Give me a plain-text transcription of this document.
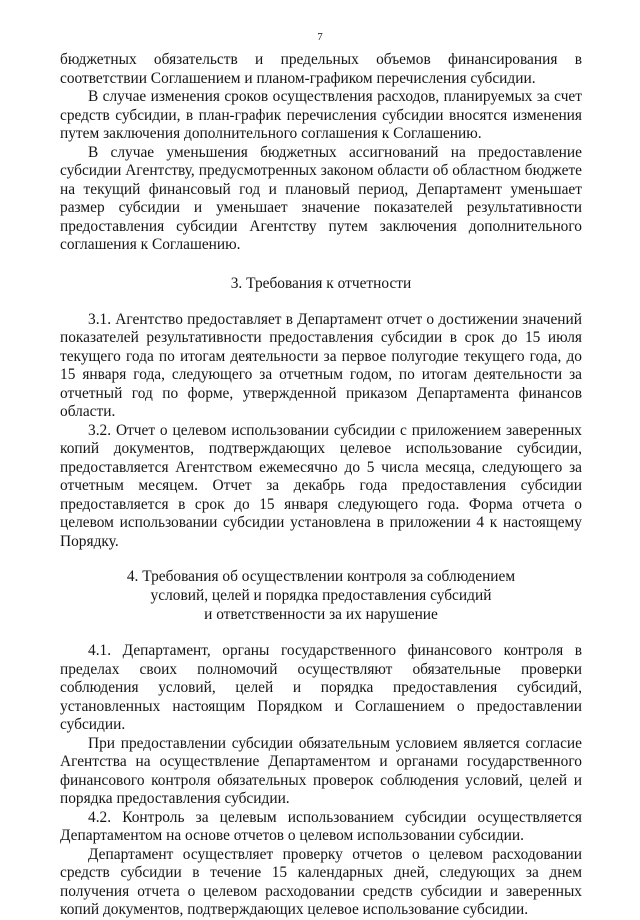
7

бюджетных обязательств и предельных объемов финансирования в соответствии Соглашением и планом-графиком перечисления субсидии.

В случае изменения сроков осуществления расходов, планируемых за счет средств субсидии, в план-график перечисления субсидии вносятся изменения путем заключения дополнительного соглашения к Соглашению.

В случае уменьшения бюджетных ассигнований на предоставление субсидии Агентству, предусмотренных законом области об областном бюджете на текущий финансовый год и плановый период, Департамент уменьшает размер субсидии и уменьшает значение показателей результативности предоставления субсидии Агентству путем заключения дополнительного соглашения к Соглашению.

3. Требования к отчетности

3.1. Агентство предоставляет в Департамент отчет о достижении значений показателей результативности предоставления субсидии в срок до 15 июля текущего года по итогам деятельности за первое полугодие текущего года, до 15 января года, следующего за отчетным годом, по итогам деятельности за отчетный год по форме, утвержденной приказом Департамента финансов области.

3.2. Отчет о целевом использовании субсидии с приложением заверенных копий документов, подтверждающих целевое использование субсидии, предоставляется Агентством ежемесячно до 5 числа месяца, следующего за отчетным месяцем. Отчет за декабрь года предоставления субсидии предоставляется в срок до 15 января следующего года. Форма отчета о целевом использовании субсидии установлена в приложении 4 к настоящему Порядку.

4. Требования об осуществлении контроля за соблюдением
условий, целей и порядка предоставления субсидий
и ответственности за их нарушение

4.1. Департамент, органы государственного финансового контроля в пределах своих полномочий осуществляют обязательные проверки соблюдения условий, целей и порядка предоставления субсидий, установленных настоящим Порядком и Соглашением о предоставлении субсидии.

При предоставлении субсидии обязательным условием является согласие Агентства на осуществление Департаментом и органами государственного финансового контроля обязательных проверок соблюдения условий, целей и порядка предоставления субсидии.

4.2. Контроль за целевым использованием субсидии осуществляется Департаментом на основе отчетов о целевом использовании субсидии.

Департамент осуществляет проверку отчетов о целевом расходовании средств субсидии в течение 15 календарных дней, следующих за днем получения отчета о целевом расходовании средств субсидии и заверенных копий документов, подтверждающих целевое использование субсидии.
